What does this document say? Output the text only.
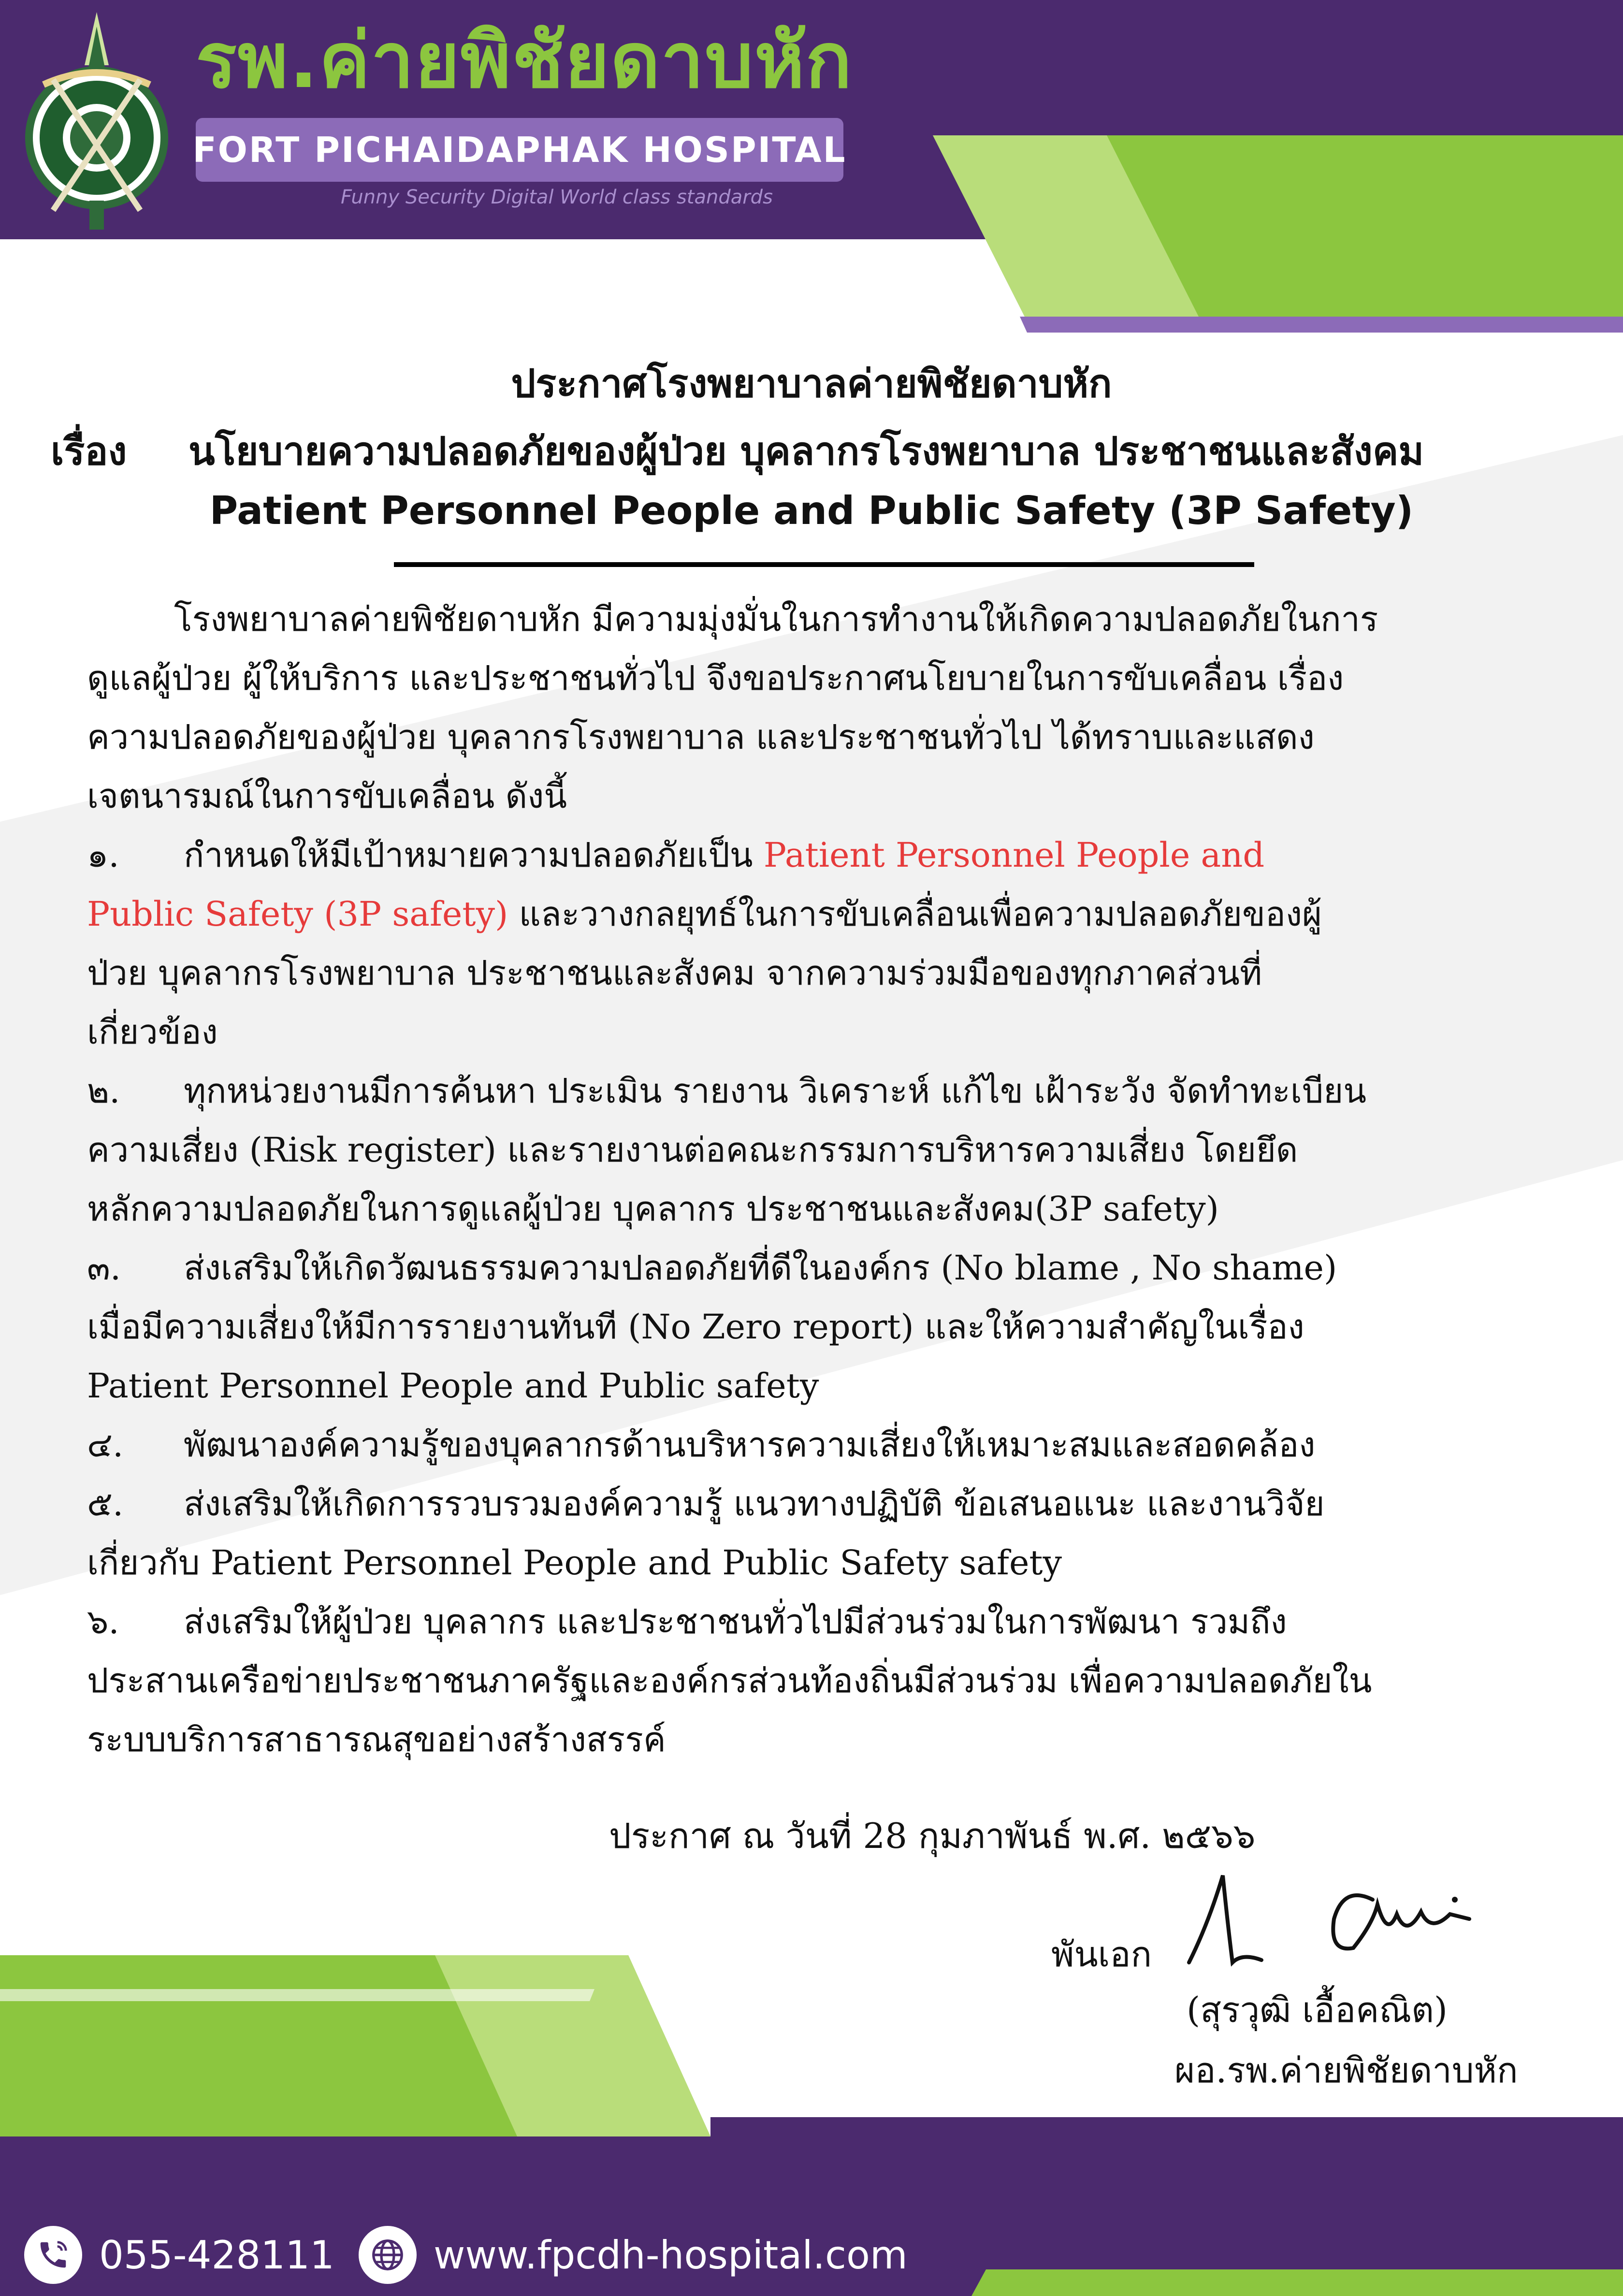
รพ.ค่ายพิชัยดาบหัก
FORT PICHAIDAPHAK HOSPITAL
Funny Security Digital World class standards
ประกาศโรงพยาบาลค่ายพิชัยดาบหัก
เรื่อง นโยบายความปลอดภัยของผู้ป่วย บุคลากรโรงพยาบาล ประชาชนและสังคม
Patient Personnel People and Public Safety (3P Safety)

โรงพยาบาลค่ายพิชัยดาบหัก มีความมุ่งมั่นในการทำงานให้เกิดความปลอดภัยในการ

ดูแลผู้ป่วย ผู้ให้บริการ และประชาชนทั่วไป จึงขอประกาศนโยบายในการขับเคลื่อน เรื่อง

ความปลอดภัยของผู้ป่วย บุคลากรโรงพยาบาล และประชาชนทั่วไป ได้ทราบและแสดง

เจตนารมณ์ในการขับเคลื่อน ดังนี้

๑. กำหนดให้มีเป้าหมายความปลอดภัยเป็น Patient Personnel People and

Public Safety (3P safety) และวางกลยุทธ์ในการขับเคลื่อนเพื่อความปลอดภัยของผู้

ป่วย บุคลากรโรงพยาบาล ประชาชนและสังคม จากความร่วมมือของทุกภาคส่วนที่

เกี่ยวข้อง

๒. ทุกหน่วยงานมีการค้นหา ประเมิน รายงาน วิเคราะห์ แก้ไข เฝ้าระวัง จัดทำทะเบียน

ความเสี่ยง (Risk register) และรายงานต่อคณะกรรมการบริหารความเสี่ยง โดยยึด

หลักความปลอดภัยในการดูแลผู้ป่วย บุคลากร ประชาชนและสังคม(3P safety)

๓. ส่งเสริมให้เกิดวัฒนธรรมความปลอดภัยที่ดีในองค์กร (No blame , No shame)

เมื่อมีความเสี่ยงให้มีการรายงานทันที (No Zero report) และให้ความสำคัญในเรื่อง

Patient Personnel People and Public safety

๔. พัฒนาองค์ความรู้ของบุคลากรด้านบริหารความเสี่ยงให้เหมาะสมและสอดคล้อง

๕. ส่งเสริมให้เกิดการรวบรวมองค์ความรู้ แนวทางปฏิบัติ ข้อเสนอแนะ และงานวิจัย

เกี่ยวกับ Patient Personnel People and Public Safety safety

๖. ส่งเสริมให้ผู้ป่วย บุคลากร และประชาชนทั่วไปมีส่วนร่วมในการพัฒนา รวมถึง

ประสานเครือข่ายประชาชนภาครัฐและองค์กรส่วนท้องถิ่นมีส่วนร่วม เพื่อความปลอดภัยใน

ระบบบริการสาธารณสุขอย่างสร้างสรรค์

ประกาศ ณ วันที่ 28 กุมภาพันธ์ พ.ศ. ๒๕๖๖
พันเอก
(สุรวุฒิ เอื้อคณิต)
ผอ.รพ.ค่ายพิชัยดาบหัก
055-428111	www.fpcdh-hospital.com
